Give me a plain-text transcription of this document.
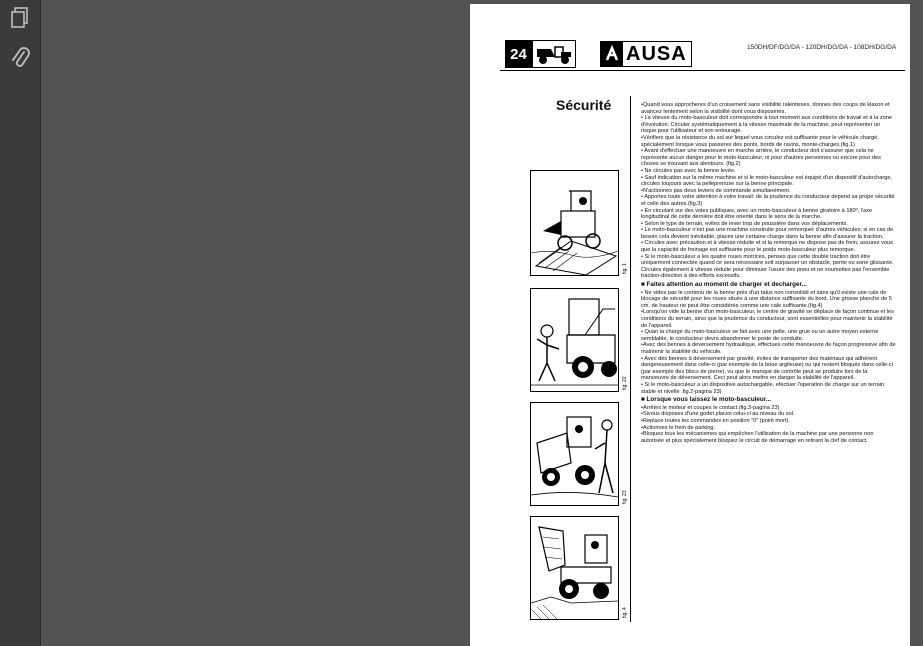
24	AUSA	150DH/DF/DG/DA - 120DH/DG/DA - 108DH/DG/DA
Sécurité
fig. 1
fig. 22
fig. 23
fig. 4

•Quand vous approcheres d'un croisement sans visibilité ralentisses, donnes des coups de klaxon et avancez lentement selon la visibilité dont vous disposeres.

• La vitesse du moto-basculeur doit correspondre à tout moment aux conditions de travail et à la zone d'évolution. Circuler systématiquement à la vitesse maximale de la machine, peut représenter un risque pour l'utilisateur et son entourage.

•Vérifiers que la résistance du sol sur lequel vous circulez est suffisante pour le véhicule chargé, spécialement lorsque vous passeres des ponts, bords de ravins, monte-charges.(fig.1)

• Avant d'effectuer une manoeuvre en marche arrière, le conducteur doit s'assurer que cela ne représente aucun danger pour le moto-basculeur, ni pour d'autres personnes ou encore pour des choses se trouvant aux alentours. (fig.2)

• Ne circules pas avec la benne levée.

• Sauf indication sur la même machine et si le moto-basculeur est équipé d'un dispositif d'autocharge, circules toujours avec la pelleprenuse sur la benne principale.

•N'actionnes pas deux leviers de commande simultanément.

• Apportes toute votre attention à votre travail: de la prudence du conducteur depend sa prope sécurité et celle des autres.(fig.3)

• En circulant sur des voies publiques, avec un moto-basculeur à benne giratoire à 180º, l'axe longitudinal de cette dernière doit être orienté dans le sens de la marche.

• Selon le type de terrain, evites de lever trop de poussière dans vos déplacements.

• Le moto-basculeur n'est pas une machine construite pour remorquer d'autres véhicules; si en cas de besoin cela devient inévitable, places une certaine charge dans la benne afin d'assurer la traction.

• Circules avec précaution et à vitesse réduite et si la remorque ne dispose pas de frein, assurez vous que la capacité de freinage est suffisante pour le poids moto-basculeur plus remorque.

• Si le moto-basculeur a les quatre roues motrices, penses que cette double traction doit être uniquement connectée quand ce sera nécessaire soit surpasser un obstacle, pente ou sone glissante.

Circules également à vitesse réduite pour diminuer l'usure des pneu et ne soumettes pas l'ensemble traction-direction à des efforts excessifs.

■ Faites attention au moment de charger et decharger...

• Ne vides pas le contenu de la benne près d'un talus non consolidé et sans qu'il existe une cale de blocage de sécurité pour les roues situés à une distance suffisante du bord. Une grosse planche de 5 cm. de hauteur ne peut être considérée comme une cale suffisante.(fig.4)

•Lorsqu'on vide la benne d'un moto-basculeur, le centre de gravité se déplace de façon continue et les conditions du terrain, ainsi que la prudence du conducteur, sont essentielles pour maintenir la stabilité de l'appareil.

• Quan la charge du moto-basculeur se fait avec une pelle, une grue ou un autre moyen externe semblable, le conducteur devra abandonner le poste de conduite.

•Avec des bennes à deversement hydraulique, effectues cette manoeuvre de façon progressive afin de maintenir la stabilité du véhicule.

• Avec des bennes à déversement par gravité, évites de transporter des matériaux qui adhèrent dangereusement dans celle-ci (par exemple de la boue argileuse) ou qui restent bloqués dans celle-ci (par exemple des blocs de pierre), vu que le manque de contrôle peut se produire lors de la manoeuvre de déversement. Ceci peut alors mettre en danger la stabilité de l'appareil.

• Si le moto-basculeur a un dispositive autochargable, efectuer l'operation de charge sur un terrain stable et nivelle .fig.2-pagina 23)

■ Lorsque vous laissez le moto-basculeur...

•Arrêtes le moteur et coupes le contact.(fig.3-pagina 23)

•Sivous disposes d'une godet places celui-ci au niveau du sol.

•Replace toutes les commandes en position "0" (point mort).

•Actionnes le frein de parking.

•Bloquez tous les mécanismes qui empêchen l'utilisation de la machine par une personne non autorisée et plus spécialement bloquez le circuit de démarrage en retirant la clef de contact.
